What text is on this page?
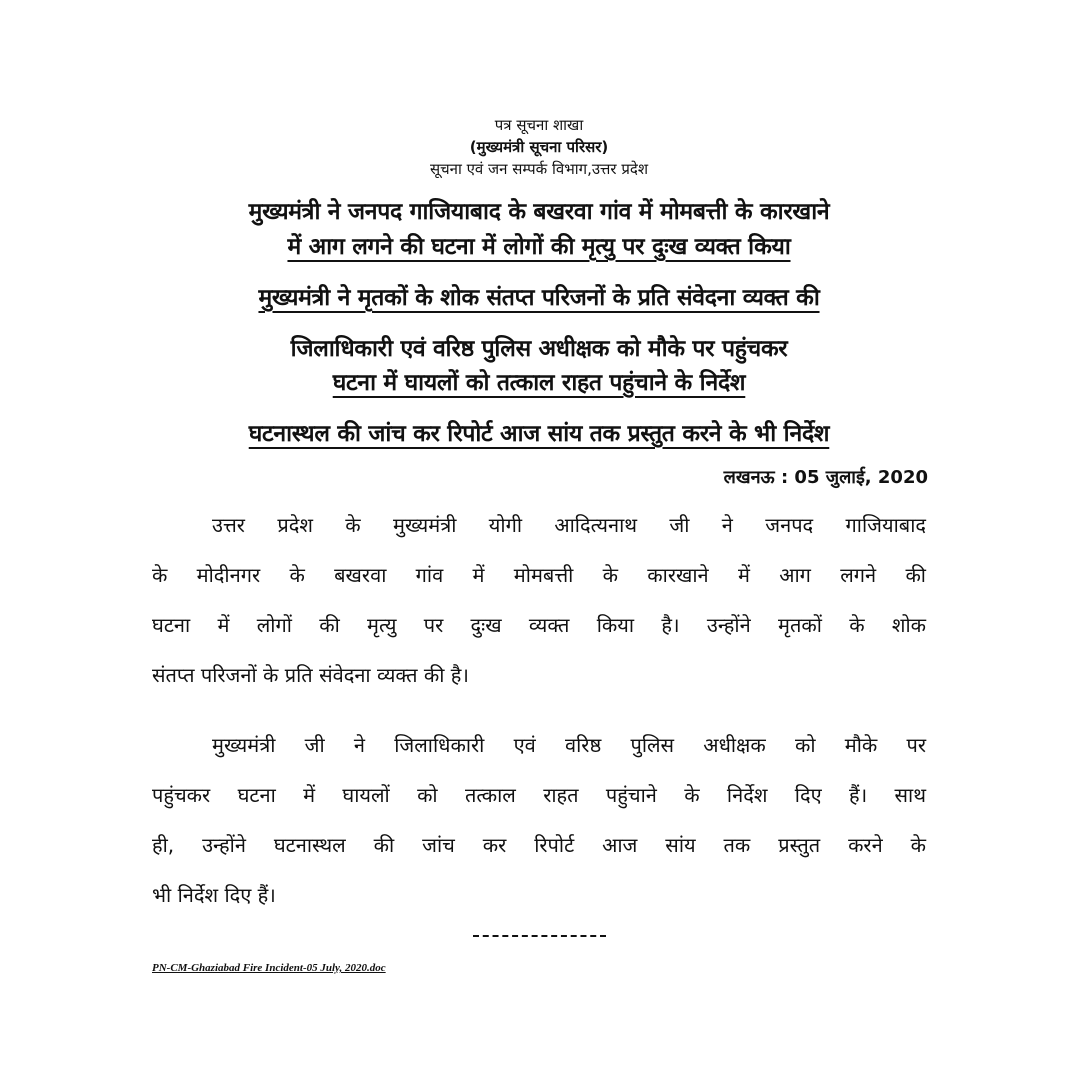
पत्र सूचना शाखा
(मुख्यमंत्री सूचना परिसर)
सूचना एवं जन सम्पर्क विभाग,उत्तर प्रदेश
मुख्यमंत्री ने जनपद गाजियाबाद के बखरवा गांव में मोमबत्ती के कारखाने
में आग लगने की घटना में लोगों की मृत्यु पर दुःख व्यक्त किया
मुख्यमंत्री ने मृतकों के शोक संतप्त परिजनों के प्रति संवेदना व्यक्त की
जिलाधिकारी एवं वरिष्ठ पुलिस अधीक्षक को मौके पर पहुंचकर
घटना में घायलों को तत्काल राहत पहुंचाने के निर्देश
घटनास्थल की जांच कर रिपोर्ट आज सांय तक प्रस्तुत करने के भी निर्देश
लखनऊ : 05 जुलाई, 2020
उत्तर प्रदेश के मुख्यमंत्री योगी आदित्यनाथ जी ने जनपद गाजियाबाद
के मोदीनगर के बखरवा गांव में मोमबत्ती के कारखाने में आग लगने की
घटना में लोगों की मृत्यु पर दुःख व्यक्त किया है। उन्होंने मृतकों के शोक
संतप्त परिजनों के प्रति संवेदना व्यक्त की है।
मुख्यमंत्री जी ने जिलाधिकारी एवं वरिष्ठ पुलिस अधीक्षक को मौके पर
पहुंचकर घटना में घायलों को तत्काल राहत पहुंचाने के निर्देश दिए हैं। साथ
ही, उन्होंने घटनास्थल की जांच कर रिपोर्ट आज सांय तक प्रस्तुत करने के
भी निर्देश दिए हैं।
PN-CM-Ghaziabad Fire Incident-05 July, 2020.doc
